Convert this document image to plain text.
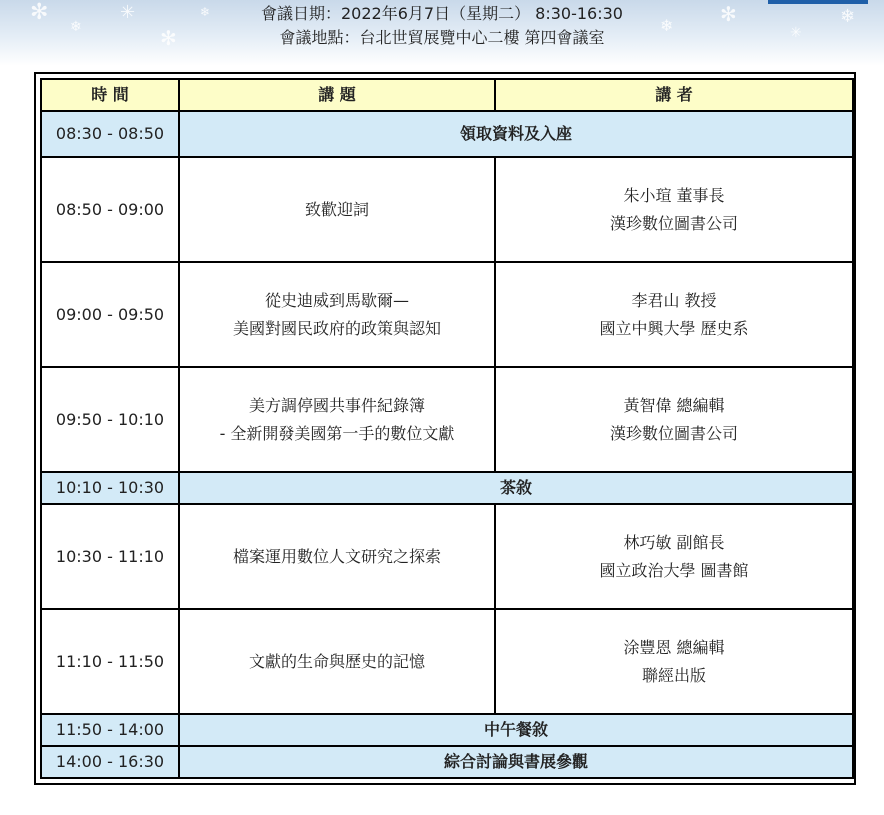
✻
❄
✳
✻
❄
❄ ✻
✳
❄
會議日期：2022年6月7日（星期二） 8:30-16:30
會議地點：台北世貿展覽中心二樓 第四會議室
時 間	講 題	講 者
08:30 - 08:50	領取資料及入座	
08:50 - 09:00	致歡迎詞	朱小瑄 董事長
漢珍數位圖書公司

09:00 - 09:50	從史迪威到馬歇爾—
美國對國民政府的政策與認知	李君山 教授
國立中興大學 歷史系

09:50 - 10:10	美方調停國共事件紀錄簿
- 全新開發美國第一手的數位文獻	黃智偉 總編輯
漢珍數位圖書公司

10:10 - 10:30	茶敘	
10:30 - 11:10	檔案運用數位人文研究之探索	林巧敏 副館長
國立政治大學 圖書館

11:10 - 11:50	文獻的生命與歷史的記憶	涂豐恩 總編輯
聯經出版

11:50 - 14:00	中午餐敘	
14:00 - 16:30	綜合討論與書展參觀	
